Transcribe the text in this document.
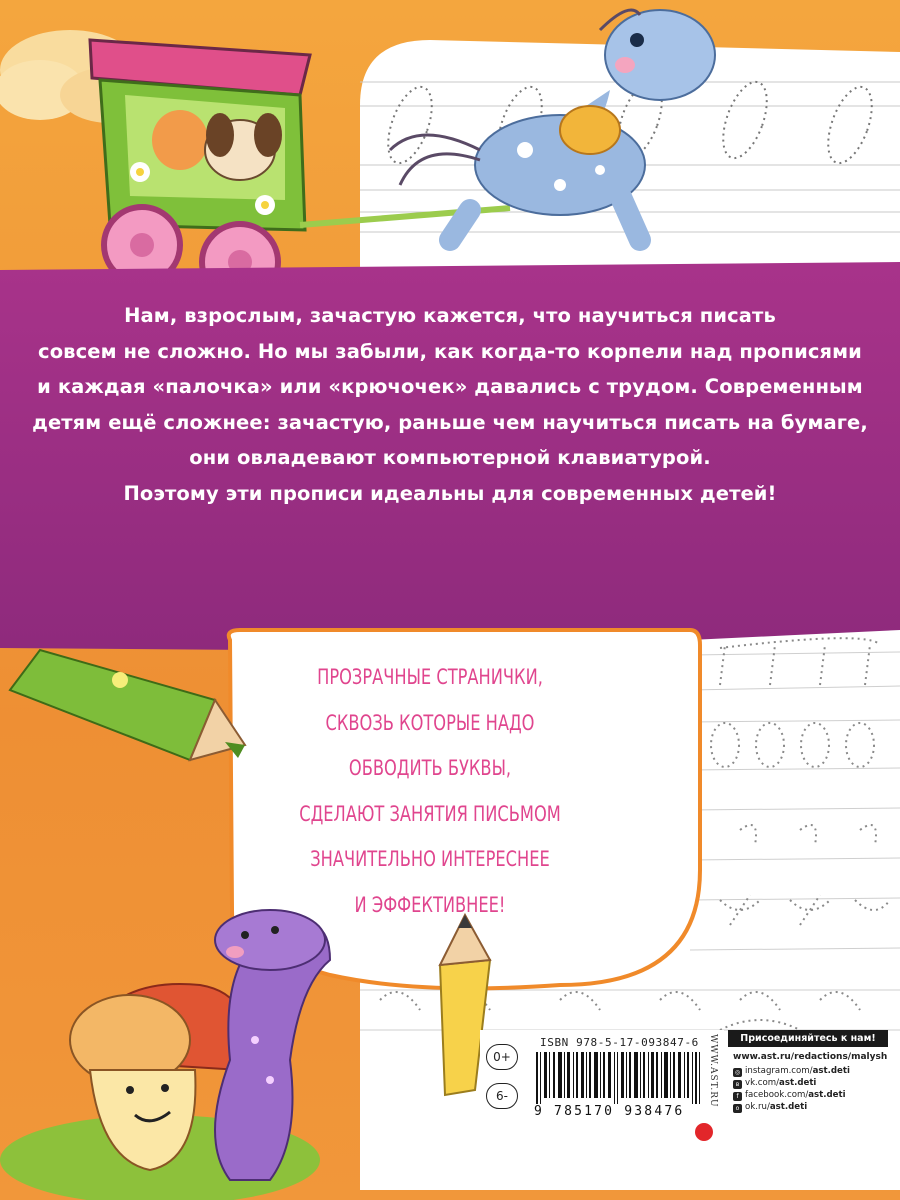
Нам, взрослым, зачастую кажется, что научиться писать
совсем не сложно. Но мы забыли, как когда-то корпели над прописями
и каждая «палочка» или «крючочек» давались с трудом. Современным
детям ещё сложнее: зачастую, раньше чем научиться писать на бумаге,
они овладевают компьютерной клавиатурой.
Поэтому эти прописи идеальны для современных детей!
ПРОЗРАЧНЫЕ СТРАНИЧКИ,
СКВОЗЬ КОТОРЫЕ НАДО
ОБВОДИТЬ БУКВЫ,
СДЕЛАЮТ ЗАНЯТИЯ ПИСЬМОМ
ЗНАЧИТЕЛЬНО ИНТЕРЕСНЕЕ
И ЭФФЕКТИВНЕЕ!
ISBN 978-5-17-093847-6
9 785170 938476
0+
6-	WWW.AST.RU	Присоединяйтесь к нам!
www.ast.ru/redactions/malysh
◎ instagram.com/ast.deti
в vk.com/ast.deti
f facebook.com/ast.deti
о ok.ru/ast.deti
www.astrel-spb.ru
